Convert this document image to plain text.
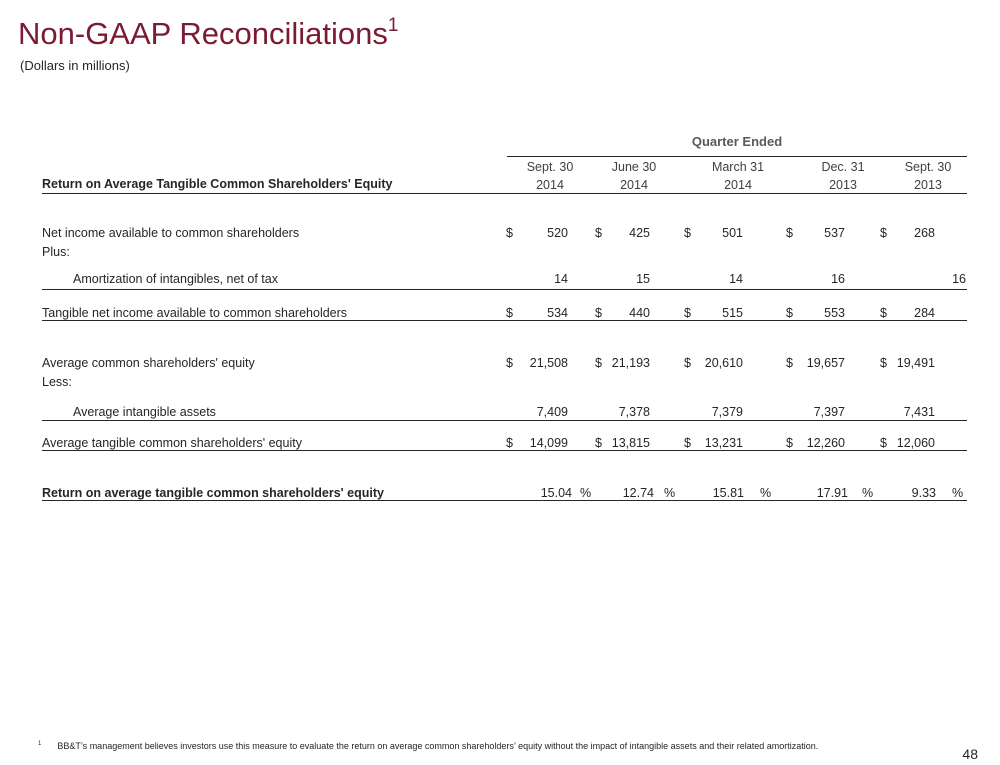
Non-GAAP Reconciliations$^1$
(Dollars in millions)
Quarter Ended
Sept. 30
2014
June 30
2014
March 31
2014
Dec. 31
2013
Sept. 30
2013
Return on Average Tangible Common Shareholders' Equity
Net income available to common shareholders	$	520 $ 425	$ 501	$ 537	$ 268
Plus:
Amortization of intangibles, net of tax	14	15	14	16	16
Tangible net income available to common shareholders	$	534 $ 440	$ 515	$ 553	$ 284
Average common shareholders' equity	$ 21,508 $ 21,193	$ 20,610	$ 19,657	$ 19,491
Less:
Average intangible assets	7,409	7,378	7,379	7,397	7,431
Average tangible common shareholders' equity	$ 14,099 $ 13,815	$ 13,231	$ 12,260	$ 12,060
Return on average tangible common shareholders' equity	15.04 %	12.74 %	15.81 %	17.91 %	9.33 %
$^1$ BB&T’s management believes investors use this measure to evaluate the return on average common shareholders’ equity without the impact of intangible assets and their related amortization.	48
